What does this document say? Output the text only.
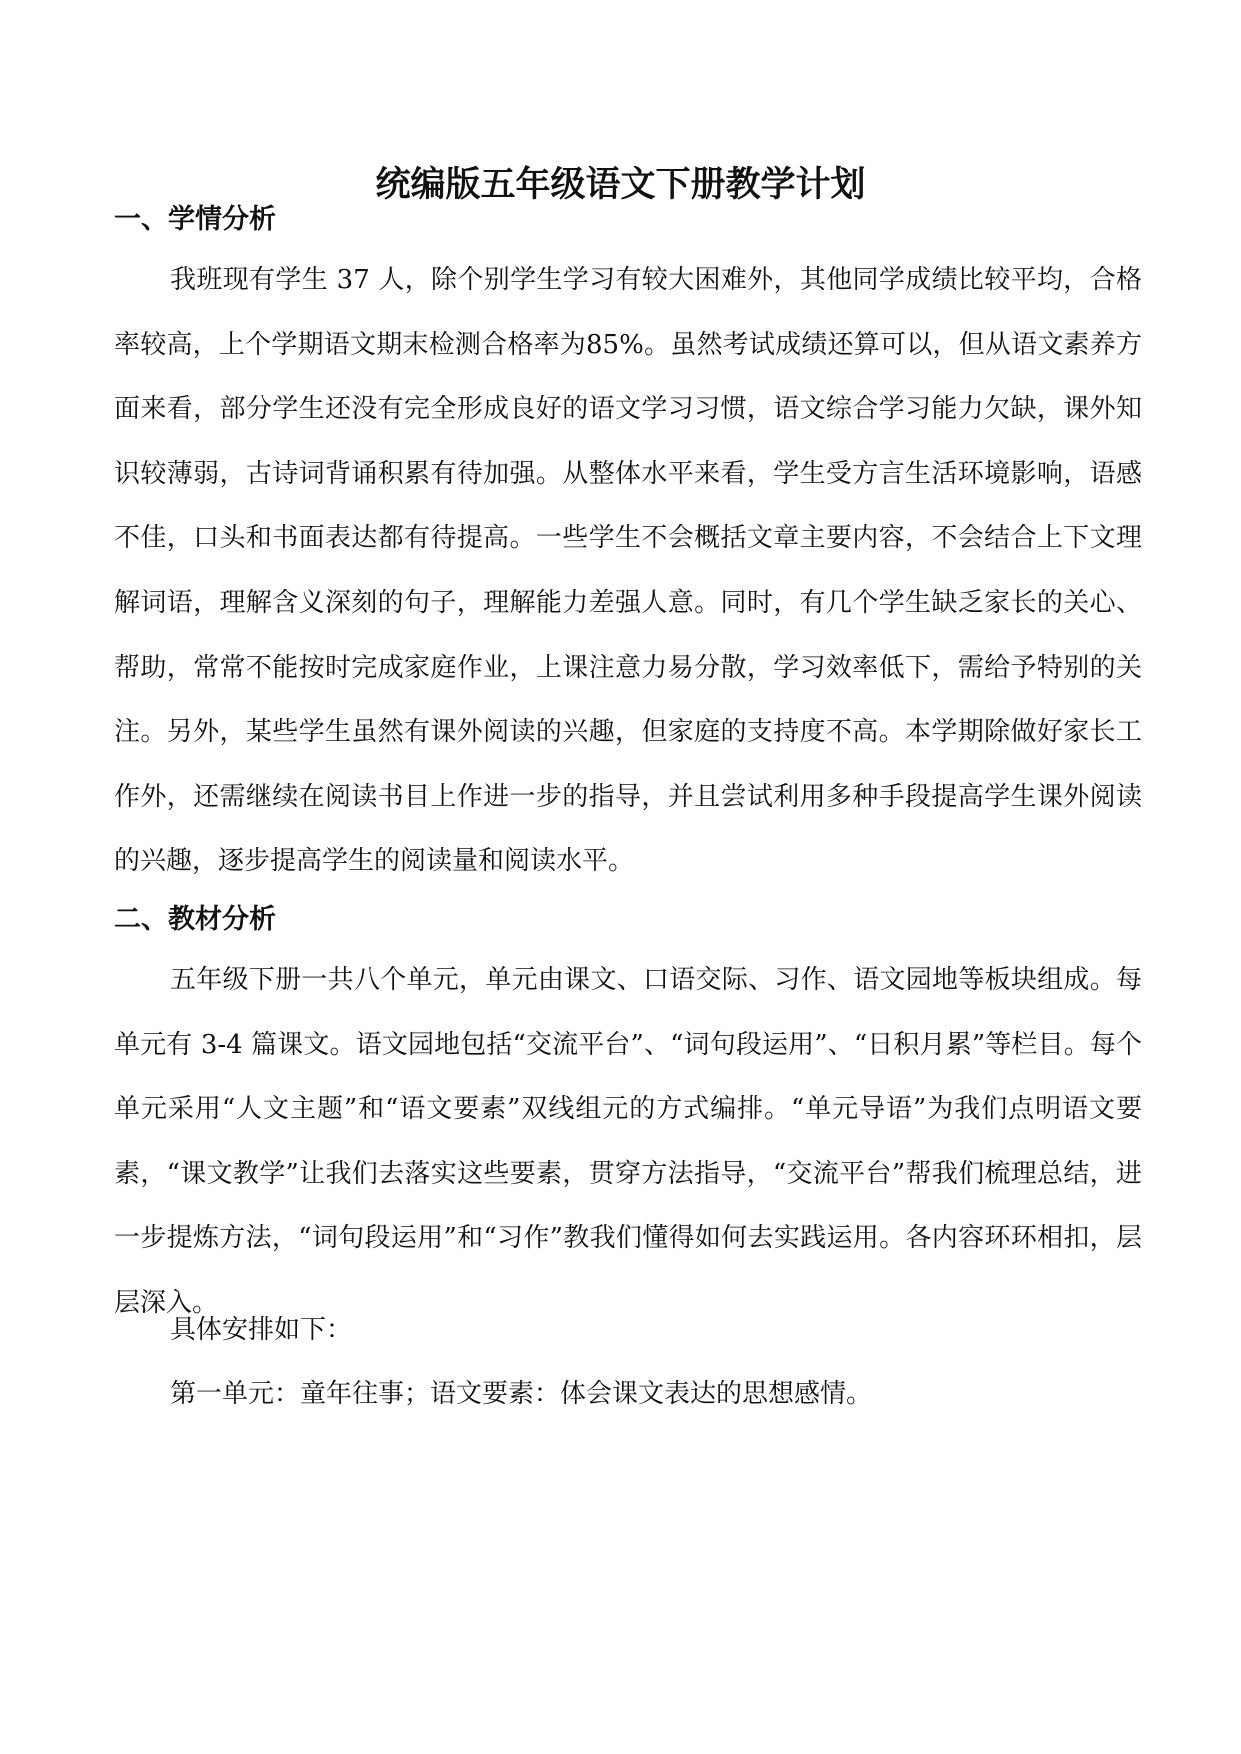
统编版五年级语文下册教学计划
一、学情分析

我班现有学生 37 人，除个别学生学习有较大困难外，其他同学成绩比较平均，合格率较高，上个学期语文期末检测合格率为85%。虽然考试成绩还算可以，但从语文素养方面来看，部分学生还没有完全形成良好的语文学习习惯，语文综合学习能力欠缺，课外知识较薄弱，古诗词背诵积累有待加强。从整体水平来看，学生受方言生活环境影响，语感不佳，口头和书面表达都有待提高。一些学生不会概括文章主要内容，不会结合上下文理解词语，理解含义深刻的句子，理解能力差强人意。同时，有几个学生缺乏家长的关心、帮助，常常不能按时完成家庭作业，上课注意力易分散，学习效率低下，需给予特别的关注。另外，某些学生虽然有课外阅读的兴趣，但家庭的支持度不高。本学期除做好家长工作外，还需继续在阅读书目上作进一步的指导，并且尝试利用多种手段提高学生课外阅读的兴趣，逐步提高学生的阅读量和阅读水平。

二、教材分析

五年级下册一共八个单元，单元由课文、口语交际、习作、语文园地等板块组成。每单元有 3-4 篇课文。语文园地包括“交流平台”、“词句段运用”、“日积月累”等栏目。每个单元采用“人文主题”和“语文要素”双线组元的方式编排。“单元导语”为我们点明语文要素，“课文教学”让我们去落实这些要素，贯穿方法指导，“交流平台”帮我们梳理总结，进一步提炼方法，“词句段运用”和“习作”教我们懂得如何去实践运用。各内容环环相扣，层层深入。

具体安排如下：

第一单元：童年往事；语文要素：体会课文表达的思想感情。
